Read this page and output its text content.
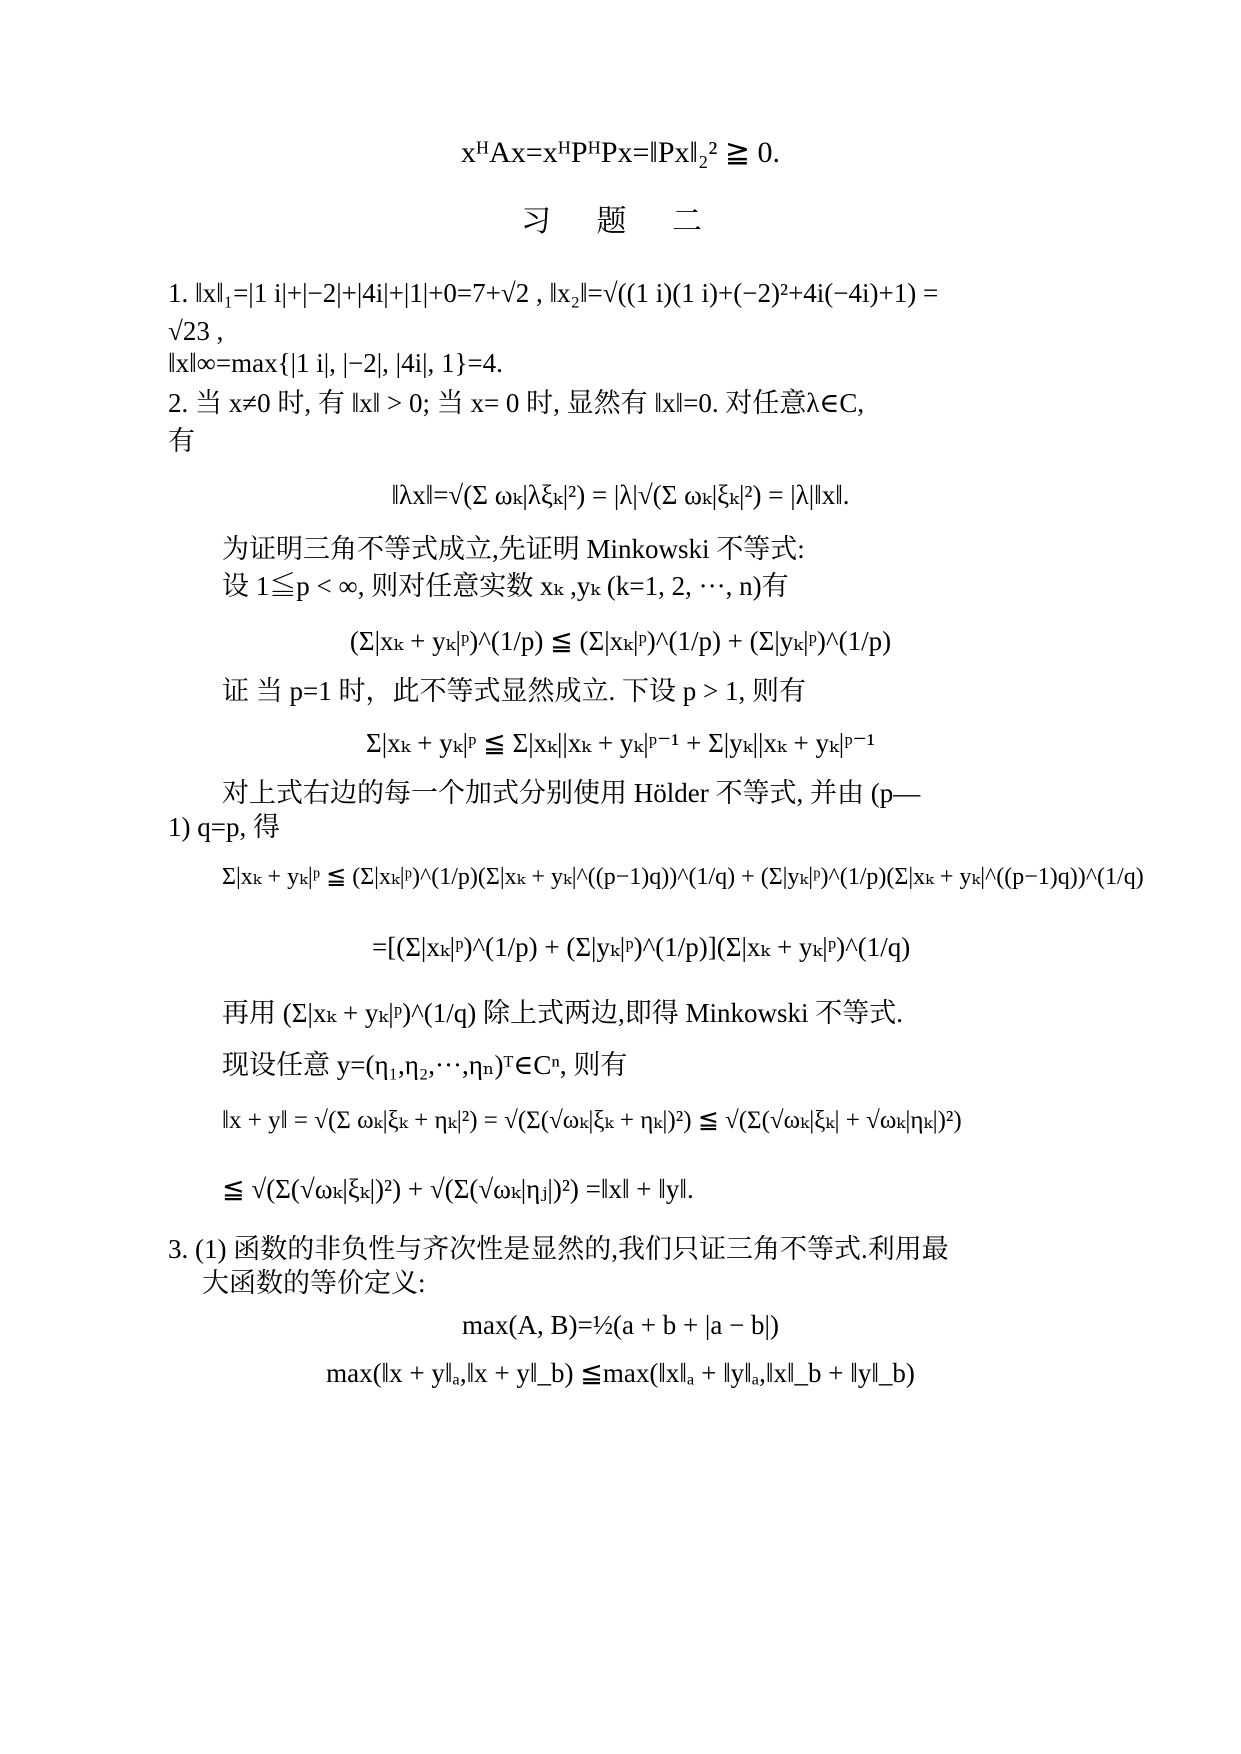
xᴴAx=xᴴPᴴPx=‖Px‖₂² ≧ 0.
习 题 二
1. ‖x‖₁=|1 i|+|−2|+|4i|+|1|+0=7+√2 , ‖x₂‖=√((1 i)(1 i)+(−2)²+4i(−4i)+1) =
√23 ,
‖x‖∞=max{|1 i|, |−2|, |4i|, 1}=4.
2. 当 x≠0 时, 有 ‖x‖ > 0; 当 x= 0 时, 显然有 ‖x‖=0. 对任意λ∈C,
有
‖λx‖=√(Σ ωₖ|λξₖ|²) = |λ|√(Σ ωₖ|ξₖ|²) = |λ|‖x‖.
为证明三角不等式成立,先证明 Minkowski 不等式:
设 1≦p < ∞, 则对任意实数 xₖ ,yₖ (k=1, 2, ···, n)有
(Σ|xₖ + yₖ|ᵖ)^(1/p) ≦ (Σ|xₖ|ᵖ)^(1/p) + (Σ|yₖ|ᵖ)^(1/p)
证 当 p=1 时，此不等式显然成立. 下设 p > 1, 则有
Σ|xₖ + yₖ|ᵖ ≦ Σ|xₖ||xₖ + yₖ|ᵖ⁻¹ + Σ|yₖ||xₖ + yₖ|ᵖ⁻¹
对上式右边的每一个加式分别使用 Hölder 不等式, 并由 (p—
1) q=p, 得
Σ|xₖ + yₖ|ᵖ ≦ (Σ|xₖ|ᵖ)^(1/p)(Σ|xₖ + yₖ|^((p−1)q))^(1/q) + (Σ|yₖ|ᵖ)^(1/p)(Σ|xₖ + yₖ|^((p−1)q))^(1/q)
=[(Σ|xₖ|ᵖ)^(1/p) + (Σ|yₖ|ᵖ)^(1/p)](Σ|xₖ + yₖ|ᵖ)^(1/q)
再用 (Σ|xₖ + yₖ|ᵖ)^(1/q) 除上式两边,即得 Minkowski 不等式.
现设任意 y=(η₁,η₂,···,ηₙ)ᵀ∈Cⁿ, 则有
‖x + y‖ = √(Σ ωₖ|ξₖ + ηₖ|²) = √(Σ(√ωₖ|ξₖ + ηₖ|)²) ≦ √(Σ(√ωₖ|ξₖ| + √ωₖ|ηₖ|)²)
≦ √(Σ(√ωₖ|ξₖ|)²) + √(Σ(√ωₖ|ηⱼ|)²) =‖x‖ + ‖y‖.
3. (1) 函数的非负性与齐次性是显然的,我们只证三角不等式.利用最
大函数的等价定义:
max(A, B)=½(a + b + |a − b|)
max(‖x + y‖ₐ,‖x + y‖_b) ≦max(‖x‖ₐ + ‖y‖ₐ,‖x‖_b + ‖y‖_b)
